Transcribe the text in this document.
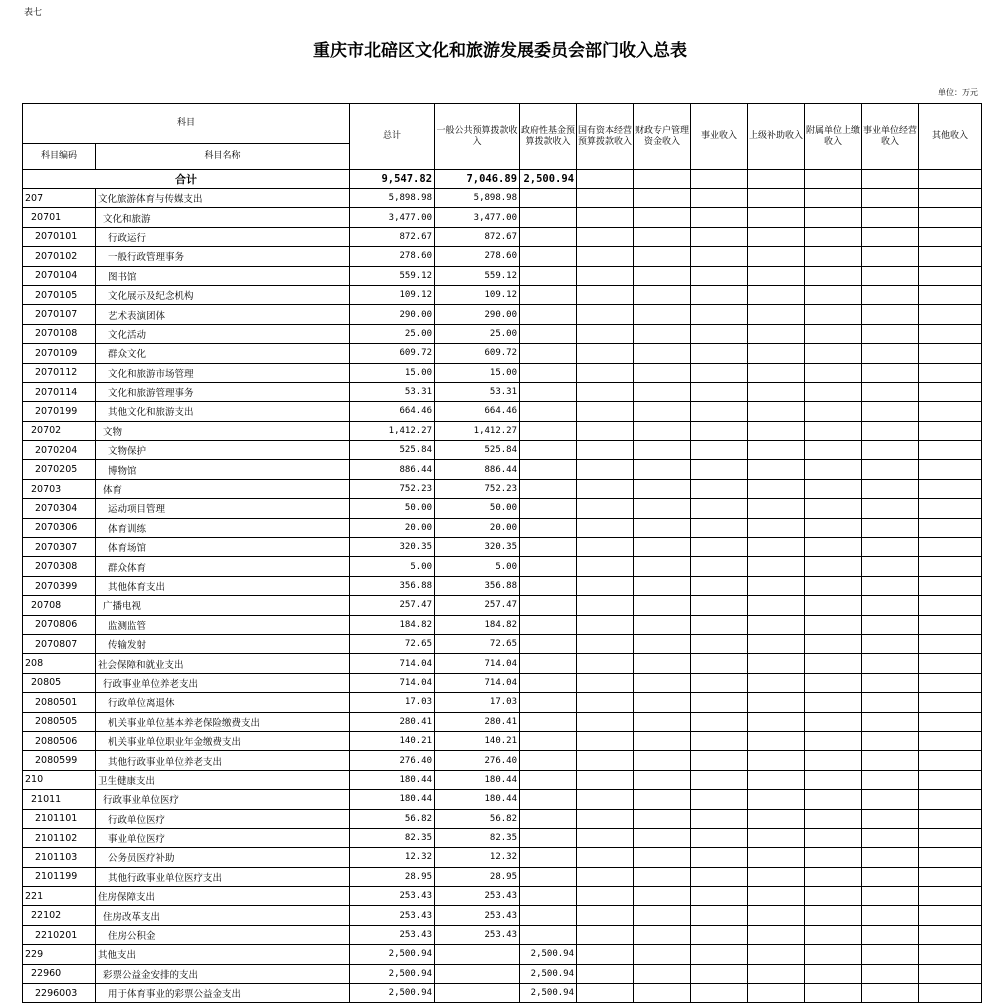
表七
重庆市北碚区文化和旅游发展委员会部门收入总表
单位：万元
科目		总计	一般公共预算拨款收入	政府性基金预算拨款收入	国有资本经营预算拨款收入	财政专户管理资金收入	事业收入	上级补助收入	附属单位上缴收入	事业单位经营收入	其他收入
科目编码	科目名称										
合计		9,547.82	7,046.89	2,500.94							
207	文化旅游体育与传媒支出	5,898.98	5,898.98								
20701	文化和旅游	3,477.00	3,477.00								
2070101	行政运行	872.67	872.67								
2070102	一般行政管理事务	278.60	278.60								
2070104	图书馆	559.12	559.12								
2070105	文化展示及纪念机构	109.12	109.12								
2070107	艺术表演团体	290.00	290.00								
2070108	文化活动	25.00	25.00								
2070109	群众文化	609.72	609.72								
2070112	文化和旅游市场管理	15.00	15.00								
2070114	文化和旅游管理事务	53.31	53.31								
2070199	其他文化和旅游支出	664.46	664.46								
20702	文物	1,412.27	1,412.27								
2070204	文物保护	525.84	525.84								
2070205	博物馆	886.44	886.44								
20703	体育	752.23	752.23								
2070304	运动项目管理	50.00	50.00								
2070306	体育训练	20.00	20.00								
2070307	体育场馆	320.35	320.35								
2070308	群众体育	5.00	5.00								
2070399	其他体育支出	356.88	356.88								
20708	广播电视	257.47	257.47								
2070806	监测监管	184.82	184.82								
2070807	传输发射	72.65	72.65								
208	社会保障和就业支出	714.04	714.04								
20805	行政事业单位养老支出	714.04	714.04								
2080501	行政单位离退休	17.03	17.03								
2080505	机关事业单位基本养老保险缴费支出	280.41	280.41								
2080506	机关事业单位职业年金缴费支出	140.21	140.21								
2080599	其他行政事业单位养老支出	276.40	276.40								
210	卫生健康支出	180.44	180.44								
21011	行政事业单位医疗	180.44	180.44								
2101101	行政单位医疗	56.82	56.82								
2101102	事业单位医疗	82.35	82.35								
2101103	公务员医疗补助	12.32	12.32								
2101199	其他行政事业单位医疗支出	28.95	28.95								
221	住房保障支出	253.43	253.43								
22102	住房改革支出	253.43	253.43								
2210201	住房公积金	253.43	253.43								
229	其他支出	2,500.94		2,500.94							
22960	彩票公益金安排的支出	2,500.94		2,500.94							
2296003	用于体育事业的彩票公益金支出	2,500.94		2,500.94							
